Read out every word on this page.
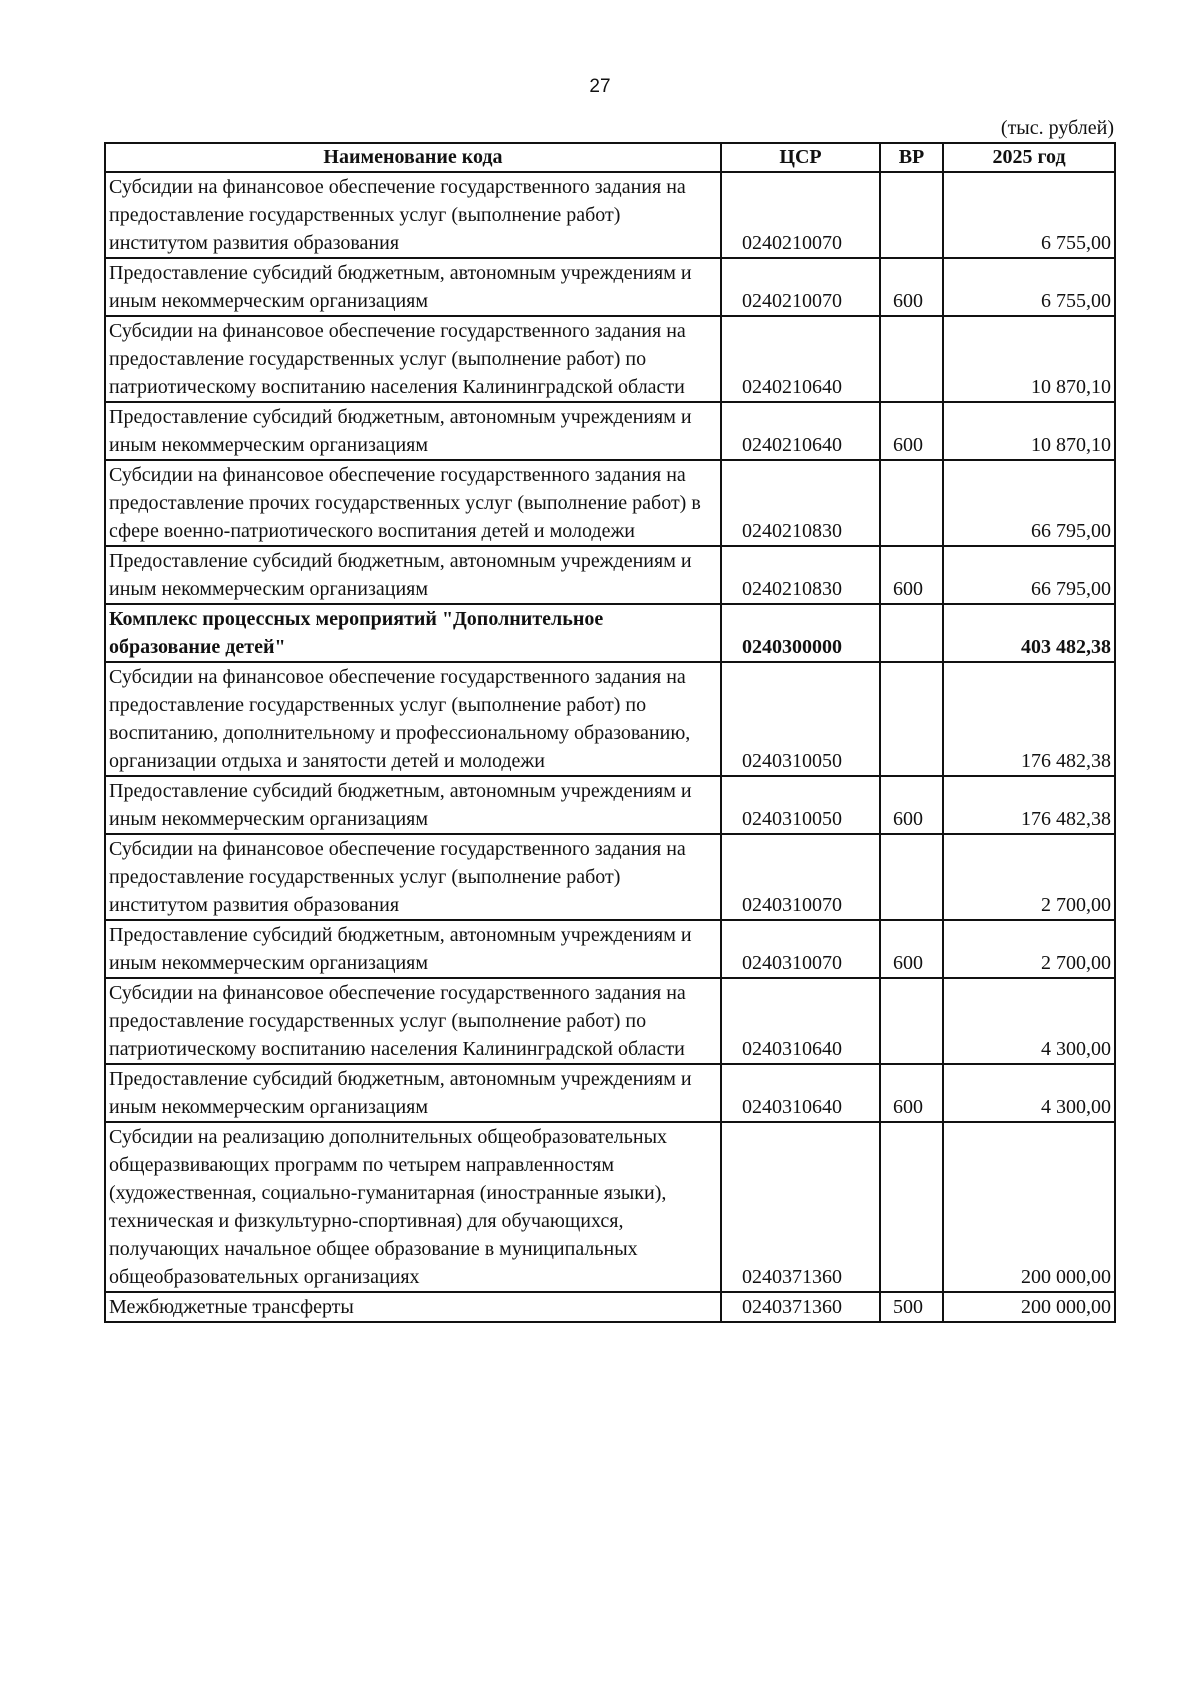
27
(тыс. рублей)
Наименование кода	ЦСР	ВР	2025 год
Субсидии на финансовое обеспечение государственного задания на предоставление государственных услуг (выполнение работ) институтом развития образования	0240210070		6 755,00
Предоставление субсидий бюджетным, автономным учреждениям и иным некоммерческим организациям	0240210070	600	6 755,00
Субсидии на финансовое обеспечение государственного задания на предоставление государственных услуг (выполнение работ) по патриотическому воспитанию населения Калининградской области	0240210640		10 870,10
Предоставление субсидий бюджетным, автономным учреждениям и иным некоммерческим организациям	0240210640	600	10 870,10
Субсидии на финансовое обеспечение государственного задания на предоставление прочих государственных услуг (выполнение работ) в сфере военно-патриотического воспитания детей и молодежи	0240210830		66 795,00
Предоставление субсидий бюджетным, автономным учреждениям и иным некоммерческим организациям	0240210830	600	66 795,00
Комплекс процессных мероприятий "Дополнительное образование детей"	0240300000		403 482,38
Субсидии на финансовое обеспечение государственного задания на предоставление государственных услуг (выполнение работ) по воспитанию, дополнительному и профессиональному образованию, организации отдыха и занятости детей и молодежи	0240310050		176 482,38
Предоставление субсидий бюджетным, автономным учреждениям и иным некоммерческим организациям	0240310050	600	176 482,38
Субсидии на финансовое обеспечение государственного задания на предоставление государственных услуг (выполнение работ) институтом развития образования	0240310070		2 700,00
Предоставление субсидий бюджетным, автономным учреждениям и иным некоммерческим организациям	0240310070	600	2 700,00
Субсидии на финансовое обеспечение государственного задания на предоставление государственных услуг (выполнение работ) по патриотическому воспитанию населения Калининградской области	0240310640		4 300,00
Предоставление субсидий бюджетным, автономным учреждениям и иным некоммерческим организациям	0240310640	600	4 300,00
Субсидии на реализацию дополнительных общеобразовательных общеразвивающих программ по четырем направленностям (художественная, социально-гуманитарная (иностранные языки), техническая и физкультурно-спортивная) для обучающихся, получающих начальное общее образование в муниципальных общеобразовательных организациях	0240371360		200 000,00
Межбюджетные трансферты	0240371360	500	200 000,00
